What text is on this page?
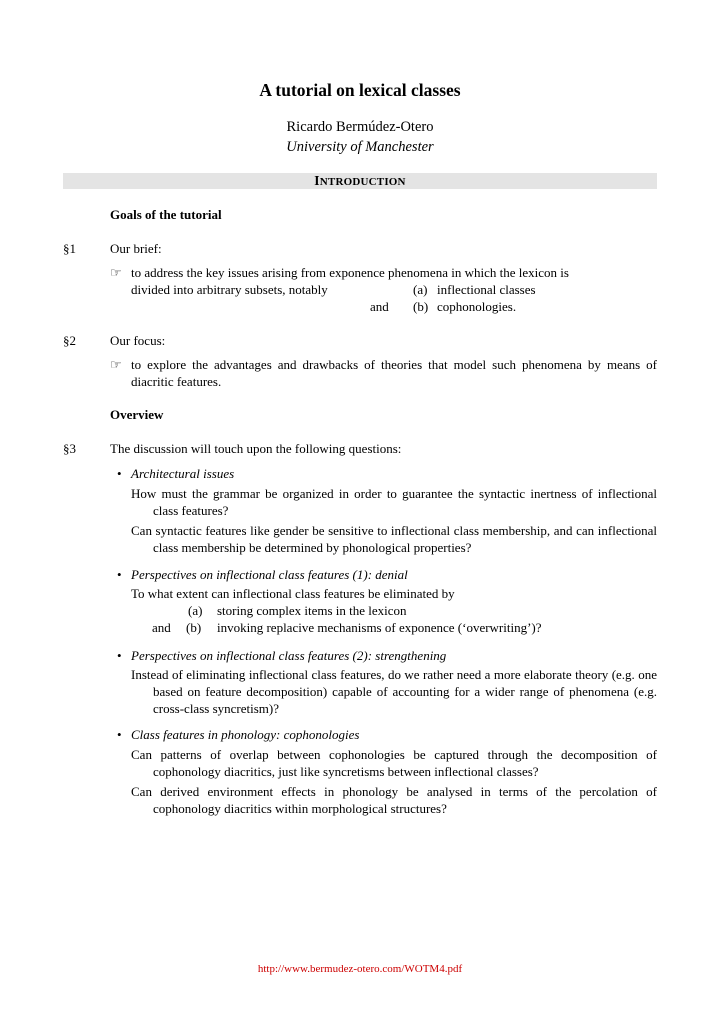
A tutorial on lexical classes
Ricardo Bermúdez-Otero
University of Manchester
INTRODUCTION
Goals of the tutorial
§1	Our brief:
☞ to address the key issues arising from exponence phenomena in which the lexicon is
divided into arbitrary subsets, notably	(a) inflectional classes
and (b) cophonologies.
§2	Our focus:
☞ to explore the advantages and drawbacks of theories that model such phenomena by means of diacritic features.
Overview
§3	The discussion will touch upon the following questions:
• Architectural issues
How must the grammar be organized in order to guarantee the syntactic inertness of inflectional class features?
Can syntactic features like gender be sensitive to inflectional class membership, and can inflectional class membership be determined by phonological properties?
• Perspectives on inflectional class features (1): denial
To what extent can inflectional class features be eliminated by
(a) storing complex items in the lexicon
and (b) invoking replacive mechanisms of exponence (‘overwriting’)?
• Perspectives on inflectional class features (2): strengthening
Instead of eliminating inflectional class features, do we rather need a more elaborate theory (e.g. one based on feature decomposition) capable of accounting for a wider range of phenomena (e.g. cross-class syncretism)?
• Class features in phonology: cophonologies
Can patterns of overlap between cophonologies be captured through the decomposition of cophonology diacritics, just like syncretisms between inflectional classes?
Can derived environment effects in phonology be analysed in terms of the percolation of cophonology diacritics within morphological structures?
http://www.bermudez-otero.com/WOTM4.pdf
